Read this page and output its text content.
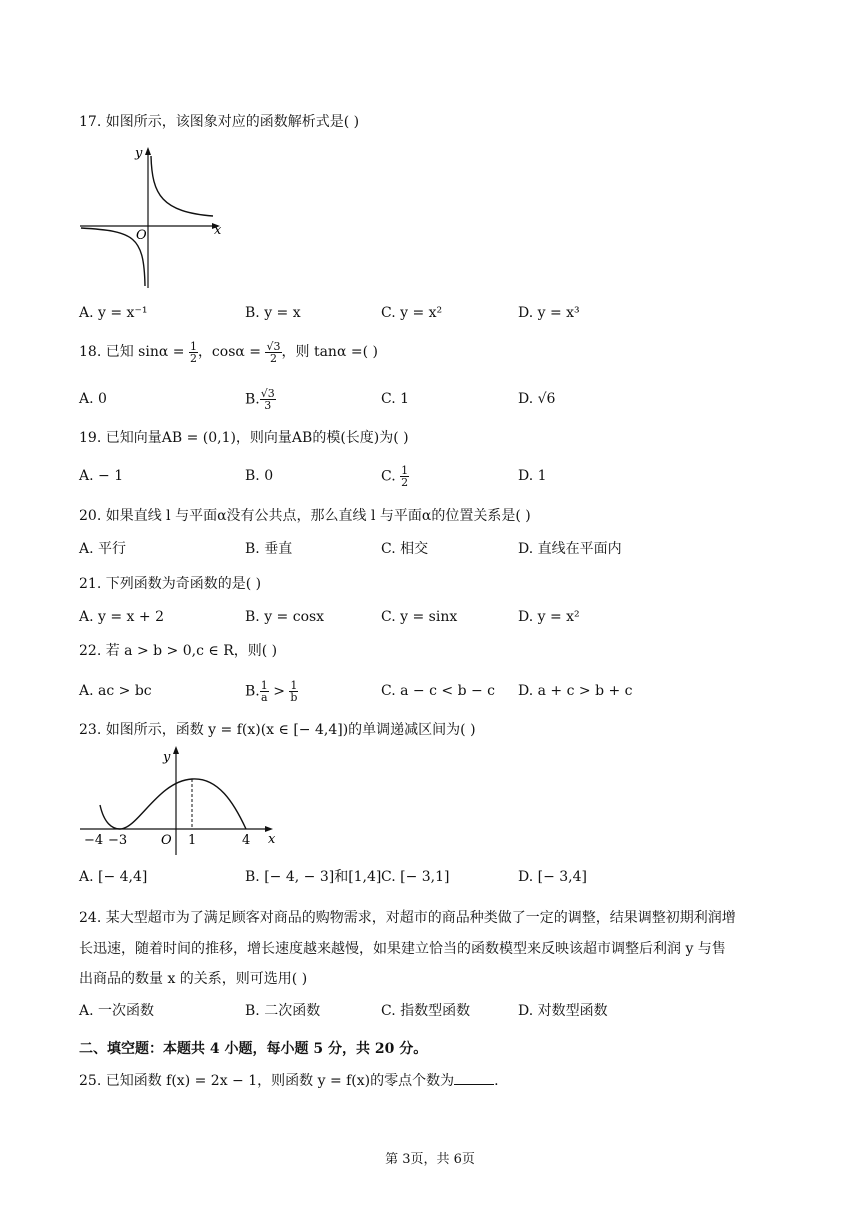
17. 如图所示，该图象对应的函数解析式是( )
y
x
O
A. y = x⁻¹	B. y = x	C. y = x²	D. y = x³
18. 已知 $\sin\alpha = \frac{1}{2}$ ，$\cos\alpha = \frac{√3}{2}$ ，则 tanα =( )
A. 0	B. $\frac{√3}{3}$	C. 1	D. √6
19. 已知向量AB = (0,1)，则向量AB的模(长度)为( )
A. − 1	B. 0	C. $\frac{1}{2}$	D. 1
20. 如果直线 l 与平面α没有公共点，那么直线 l 与平面α的位置关系是( )
A. 平行	B. 垂直	C. 相交	D. 直线在平面内
21. 下列函数为奇函数的是( )
A. y = x + 2	B. y = cosx	C. y = sinx	D. y = x²
22. 若 a > b > 0,c ∈ R，则( )
A. ac > bc	B. $\frac{1}{a} > \frac{1}{b}$	C. a − c < b − c D. a + c > b + c
23. 如图所示，函数 y = f(x)(x ∈ [− 4,4])的单调递减区间为( )
y
x
O
−4 −3	1	4
A. [− 4,4]	B. [− 4, − 3]和[1,4] C. [− 3,1]	D. [− 3,4]
24. 某大型超市为了满足顾客对商品的购物需求，对超市的商品种类做了一定的调整，结果调整初期利润增
长迅速，随着时间的推移，增长速度越来越慢，如果建立恰当的函数模型来反映该超市调整后利润 y 与售
出商品的数量 x 的关系，则可选用( )
A. 一次函数	B. 二次函数	C. 指数型函数	D. 对数型函数
二、填空题：本题共 4 小题，每小题 5 分，共 20 分。
25. 已知函数 f(x) = 2x − 1，则函数 y = f(x)的零点个数为	.
第 3页，共 6页
